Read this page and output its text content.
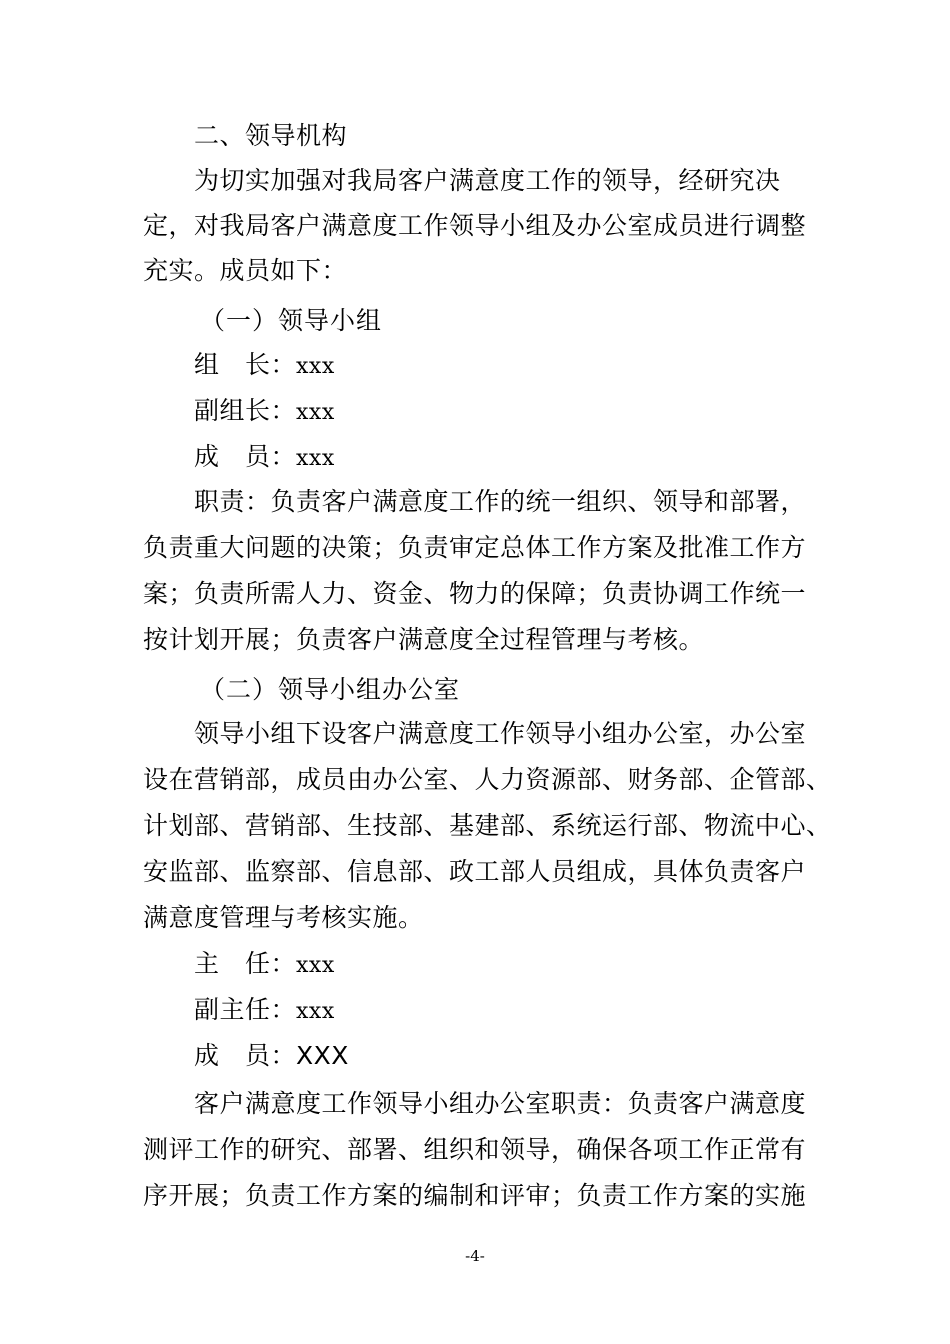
二、领导机构
为切实加强对我局客户满意度工作的领导，经研究决
定，对我局客户满意度工作领导小组及办公室成员进行调整
充实。成员如下：
（一）领导小组
组　长：xxx
副组长：xxx
成　员：xxx
职责：负责客户满意度工作的统一组织、领导和部署，
负责重大问题的决策；负责审定总体工作方案及批准工作方
案；负责所需人力、资金、物力的保障；负责协调工作统一
按计划开展；负责客户满意度全过程管理与考核。
（二）领导小组办公室
领导小组下设客户满意度工作领导小组办公室，办公室
设在营销部，成员由办公室、人力资源部、财务部、企管部、
计划部、营销部、生技部、基建部、系统运行部、物流中心、
安监部、监察部、信息部、政工部人员组成，具体负责客户
满意度管理与考核实施。
主　任：xxx
副主任：xxx
成　员：XXX
客户满意度工作领导小组办公室职责：负责客户满意度
测评工作的研究、部署、组织和领导，确保各项工作正常有
序开展；负责工作方案的编制和评审；负责工作方案的实施
-4-
